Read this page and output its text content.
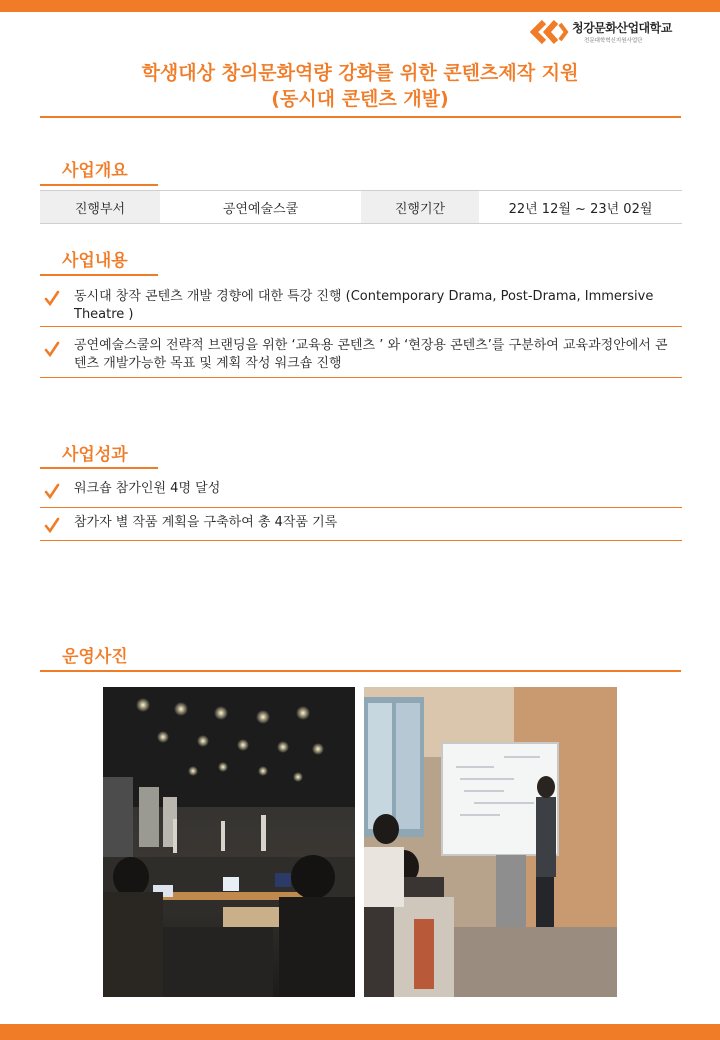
청강문화산업대학교
전문대학혁신지원사업단
학생대상 창의문화역량 강화를 위한 콘텐츠제작 지원
(동시대 콘텐츠 개발)
사업개요
진행부서	공연예술스쿨	진행기간	22년 12월 ~ 23년 02월
사업내용
동시대 창작 콘텐츠 개발 경향에 대한 특강 진행 (Contemporary Drama, Post-Drama, Immersive Theatre )
공연예술스쿨의 전략적 브랜딩을 위한 ‘교육용 콘텐츠 ’ 와 ‘현장용 콘텐츠’를 구분하여 교육과정안에서 콘텐츠 개발가능한 목표 및 계획 작성 워크숍 진행
사업성과
워크숍 참가인원 4명 달성
참가자 별 작품 계획을 구축하여 총 4작품 기록
운영사진
